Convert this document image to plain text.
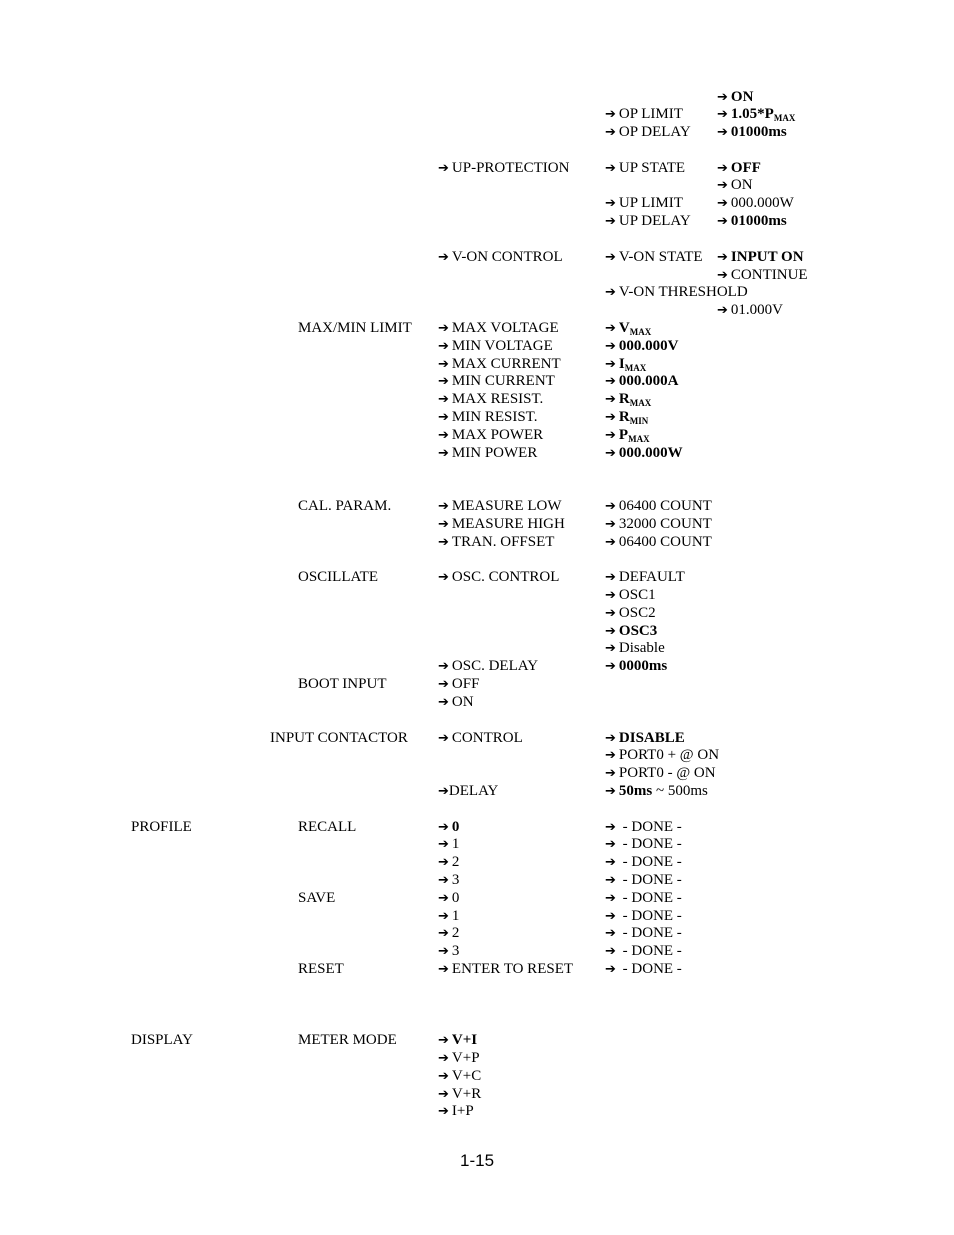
➔ ON
➔ OP LIMIT	➔ $1.05*P_{MAX}$
➔ OP DELAY ➔ 01000ms
➔ UP-PROTECTION	➔ UP STATE ➔ OFF
➔ ON
➔ UP LIMIT	➔ 000.000W
➔ UP DELAY ➔ 01000ms
➔ V-ON CONTROL	➔ V-ON STATE ➔ INPUT ON
➔ CONTINUE
➔ V-ON THRESHOLD
➔ 01.000V
MAX/MIN LIMIT ➔ MAX VOLTAGE	➔ $V_{MAX}$
➔ MIN VOLTAGE	➔ 000.000V
➔ MAX CURRENT	➔ $I_{MAX}$
➔ MIN CURRENT	➔ 000.000A
➔ MAX RESIST.	➔ $R_{MAX}$
➔ MIN RESIST.	➔ $R_{MIN}$
➔ MAX POWER	➔ $P_{MAX}$
➔ MIN POWER	➔ 000.000W
CAL. PARAM.	➔ MEASURE LOW	➔ 06400 COUNT
➔ MEASURE HIGH	➔ 32000 COUNT
➔ TRAN. OFFSET	➔ 06400 COUNT
OSCILLATE	➔ OSC. CONTROL	➔ DEFAULT
➔ OSC1
➔ OSC2
➔ OSC3
➔ Disable
➔ OSC. DELAY	➔ 0000ms
BOOT INPUT	➔ OFF
➔ ON
INPUT CONTACTOR ➔ CONTROL	➔ DISABLE
➔ PORT0 + @ ON
➔ PORT0 - @ ON
➔DELAY	➔ 50ms ~ 500ms
PROFILE	RECALL	➔ 0	➔ - DONE -
➔ 1	➔ - DONE -
➔ 2	➔ - DONE -
➔ 3	➔ - DONE -
SAVE	➔ 0	➔ - DONE -
➔ 1	➔ - DONE -
➔ 2	➔ - DONE -
➔ 3	➔ - DONE -
RESET	➔ ENTER TO RESET ➔ - DONE -
DISPLAY	METER MODE	➔ V+I
➔ V+P
➔ V+C
➔ V+R
➔ I+P
1-15
